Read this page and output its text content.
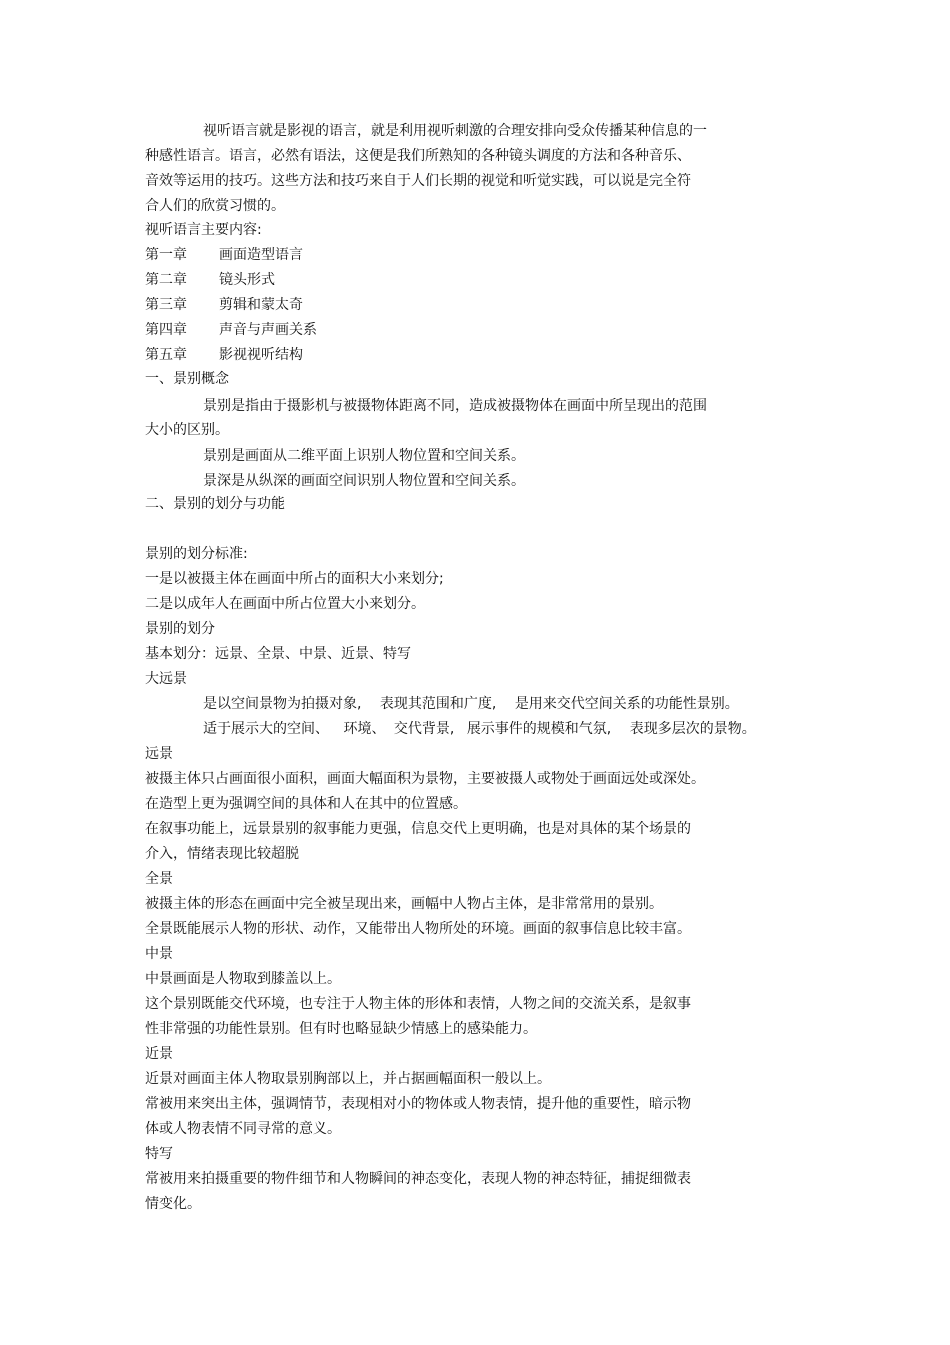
视听语言就是影视的语言，就是利用视听刺激的合理安排向受众传播某种信息的一
种感性语言。语言，必然有语法，这便是我们所熟知的各种镜头调度的方法和各种音乐、
音效等运用的技巧。这些方法和技巧来自于人们长期的视觉和听觉实践，可以说是完全符
合人们的欣赏习惯的。
视听语言主要内容:
第一章 画面造型语言
第二章 镜头形式
第三章 剪辑和蒙太奇
第四章 声音与声画关系
第五章 影视视听结构
一、景别概念
景别是指由于摄影机与被摄物体距离不同，造成被摄物体在画面中所呈现出的范围
大小的区别。
景别是画面从二维平面上识别人物位置和空间关系。
景深是从纵深的画面空间识别人物位置和空间关系。
二、景别的划分与功能
景别的划分标准:
一是以被摄主体在画面中所占的面积大小来划分;
二是以成年人在画面中所占位置大小来划分。
景别的划分
基本划分：远景、全景、中景、近景、特写
大远景
是以空间景物为拍摄对象, 表现其范围和广度, 是用来交代空间关系的功能性景别。
适于展示大的空间、 环境、 交代背景, 展示事件的规模和气氛, 表现多层次的景物。
远景
被摄主体只占画面很小面积，画面大幅面积为景物，主要被摄人或物处于画面远处或深处。
在造型上更为强调空间的具体和人在其中的位置感。
在叙事功能上，远景景别的叙事能力更强，信息交代上更明确，也是对具体的某个场景的
介入，情绪表现比较超脱
全景
被摄主体的形态在画面中完全被呈现出来，画幅中人物占主体，是非常常用的景别。
全景既能展示人物的形状、动作，又能带出人物所处的环境。画面的叙事信息比较丰富。
中景
中景画面是人物取到膝盖以上。
这个景别既能交代环境，也专注于人物主体的形体和表情，人物之间的交流关系，是叙事
性非常强的功能性景别。但有时也略显缺少情感上的感染能力。
近景
近景对画面主体人物取景别胸部以上，并占据画幅面积一般以上。
常被用来突出主体，强调情节，表现相对小的物体或人物表情，提升他的重要性，暗示物
体或人物表情不同寻常的意义。
特写
常被用来拍摄重要的物件细节和人物瞬间的神态变化，表现人物的神态特征，捕捉细微表
情变化。
